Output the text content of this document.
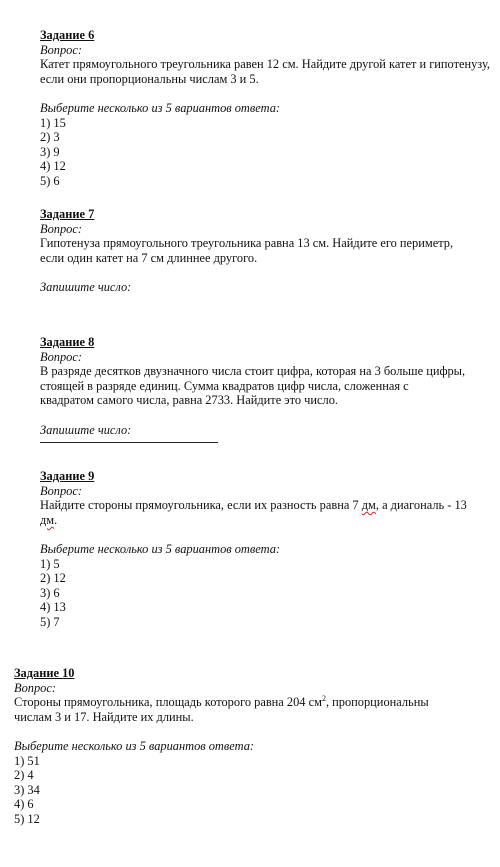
Задание 6
Вопрос:
Катет прямоугольного треугольника равен 12 см. Найдите другой катет и гипотенузу, если они пропорциональны числам 3 и 5.
Выберите несколько из 5 вариантов ответа:
1) 15
2) 3
3) 9
4) 12
5) 6
Задание 7
Вопрос:
Гипотенуза прямоугольного треугольника равна 13 см. Найдите его периметр,
если один катет на 7 см длиннее другого.
Запишите число:
Задание 8
Вопрос:
В разряде десятков двузначного числа стоит цифра, которая на 3 больше цифры,
стоящей в разряде единиц. Сумма квадратов цифр числа, сложенная с
квадратом самого числа, равна 2733. Найдите это число.
Запишите число:
Задание 9
Вопрос:
Найдите стороны прямоугольника, если их разность равна 7 дм, а диагональ - 13
дм.
Выберите несколько из 5 вариантов ответа:
1) 5
2) 12
3) 6
4) 13
5) 7
Задание 10
Вопрос:
Стороны прямоугольника, площадь которого равна 204 $см^2$, пропорциональны
числам 3 и 17. Найдите их длины.
Выберите несколько из 5 вариантов ответа:
1) 51
2) 4
3) 34
4) 6
5) 12
